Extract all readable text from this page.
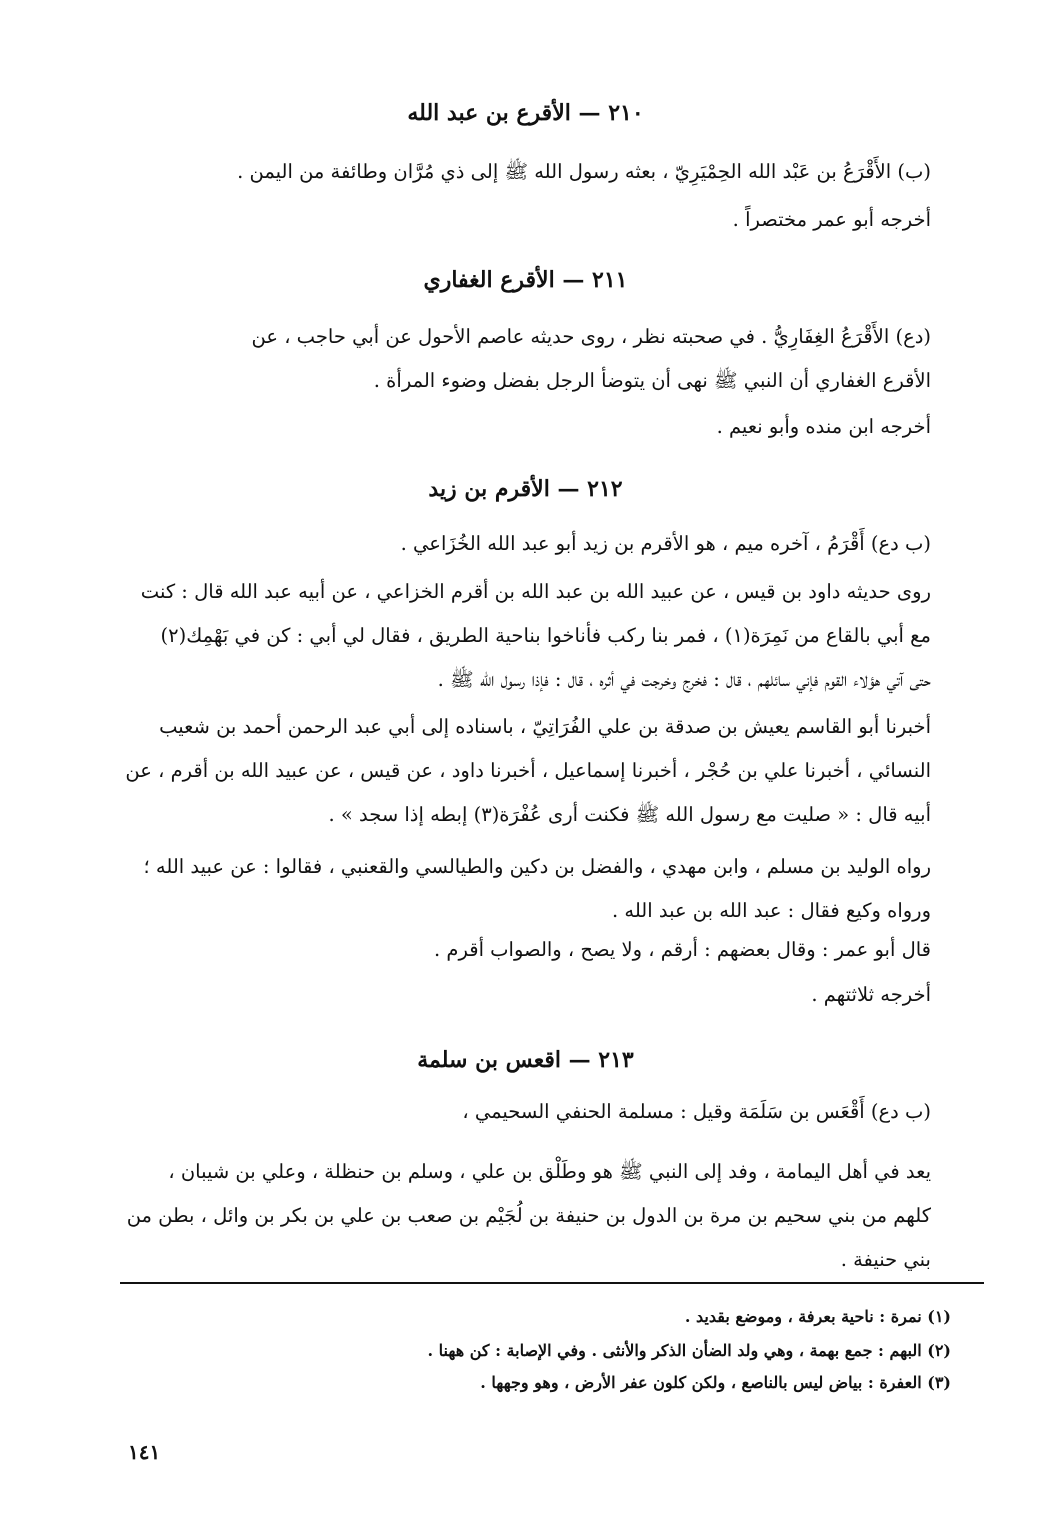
٢١٠ — الأقرع بن عبد الله
(ب) الأَقْرَعُ بن عَبْد الله الحِمْيَرِيّ ، بعثه رسول الله ﷺ إلى ذي مُرَّان وطائفة من اليمن .
أخرجه أبو عمر مختصراً .
٢١١ — الأقرع الغفاري
(دع) الأَقْرَعُ الغِفَارِيُّ . في صحبته نظر ، روى حديثه عاصم الأحول عن أبي حاجب ، عن
الأقرع الغفاري أن النبي ﷺ نهى أن يتوضأ الرجل بفضل وضوء المرأة .
أخرجه ابن منده وأبو نعيم .
٢١٢ — الأقرم بن زيد
(ب دع) أَقْرَمُ ، آخره ميم ، هو الأقرم بن زيد أبو عبد الله الخُزَاعي .
روى حديثه داود بن قيس ، عن عبيد الله بن عبد الله بن أقرم الخزاعي ، عن أبيه عبد الله قال : كنت
مع أبي بالقاع من نَمِرَة(١) ، فمر بنا ركب فأناخوا بناحية الطريق ، فقال لي أبي : كن في بَهْمِك(٢)
حتى آتي هؤلاء القوم فإني سائلهم ، قال : فخرج وخرجت في أثره ، قال : فإذا رسول الله ﷺ .
أخبرنا أبو القاسم يعيش بن صدقة بن علي الفُرَاتِيّ ، باسناده إلى أبي عبد الرحمن أحمد بن شعيب
النسائي ، أخبرنا علي بن حُجْر ، أخبرنا إسماعيل ، أخبرنا داود ، عن قيس ، عن عبيد الله بن أقرم ، عن
أبيه قال : « صليت مع رسول الله ﷺ فكنت أرى عُفْرَة(٣) إبطه إذا سجد » .
رواه الوليد بن مسلم ، وابن مهدي ، والفضل بن دكين والطيالسي والقعنبي ، فقالوا : عن عبيد الله ؛
ورواه وكيع فقال : عبد الله بن عبد الله .
قال أبو عمر : وقال بعضهم : أرقم ، ولا يصح ، والصواب أقرم .
أخرجه ثلاثتهم .
٢١٣ — اقعس بن سلمة
(ب دع) أَقْعَس بن سَلَمَة وقيل : مسلمة الحنفي السحيمي ،
يعد في أهل اليمامة ، وفد إلى النبي ﷺ هو وطَلْق بن علي ، وسلم بن حنظلة ، وعلي بن شيبان ،
كلهم من بني سحيم بن مرة بن الدول بن حنيفة بن لُجَيْم بن صعب بن علي بن بكر بن وائل ، بطن من
بني حنيفة .
(١) نمرة : ناحية بعرفة ، وموضع بقديد .
(٢) البهم : جمع بهمة ، وهي ولد الضأن الذكر والأنثى . وفي الإصابة : كن ههنا .
(٣) العفرة : بياض ليس بالناصع ، ولكن كلون عفر الأرض ، وهو وجهها .
١٤١
